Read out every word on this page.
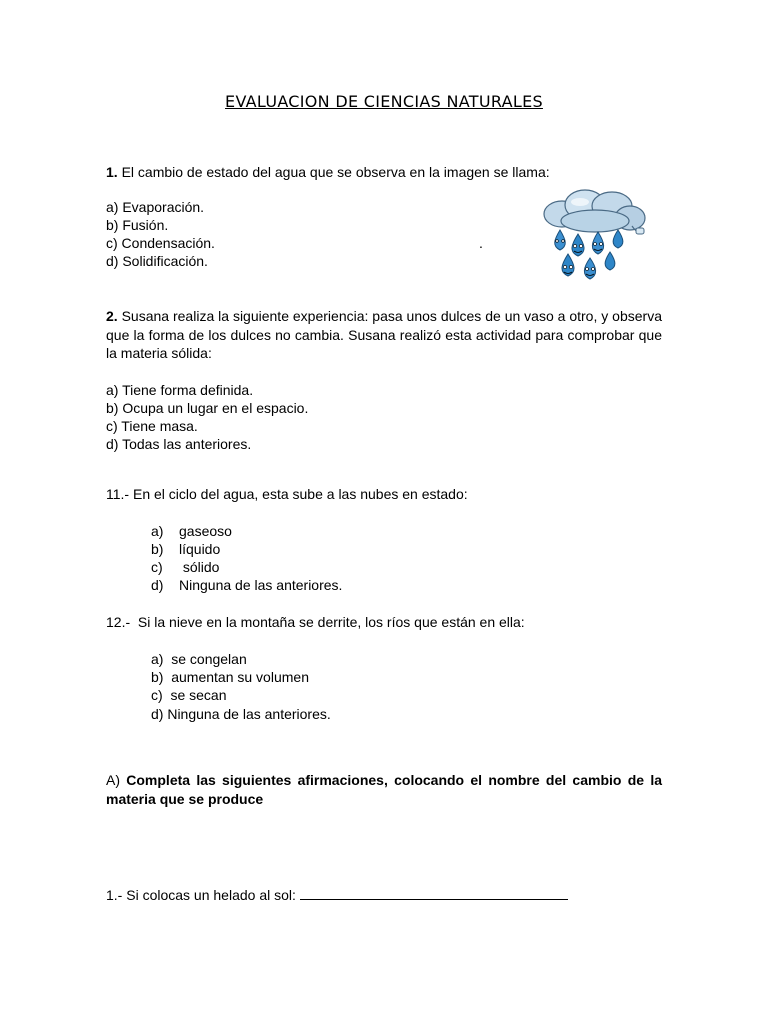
EVALUACION DE CIENCIAS NATURALES
1. El cambio de estado del agua que se observa en la imagen se llama:
a) Evaporación.
b) Fusión.
c) Condensación.
d) Solidificación.
.
2. Susana realiza la siguiente experiencia: pasa unos dulces de un vaso a otro, y observa que la forma de los dulces no cambia. Susana realizó esta actividad para comprobar que la materia sólida:
a) Tiene forma definida.
b) Ocupa un lugar en el espacio.
c) Tiene masa.
d) Todas las anteriores.
11.- En el ciclo del agua, esta sube a las nubes en estado:
a) gaseoso
b) líquido
c) sólido
d) Ninguna de las anteriores.
12.-  Si la nieve en la montaña se derrite, los ríos que están en ella:
a)  se congelan
b)  aumentan su volumen
c)  se secan
d) Ninguna de las anteriores.
A) Completa las siguientes afirmaciones, colocando el nombre del cambio de la materia que se produce
1.- Si colocas un helado al sol:
